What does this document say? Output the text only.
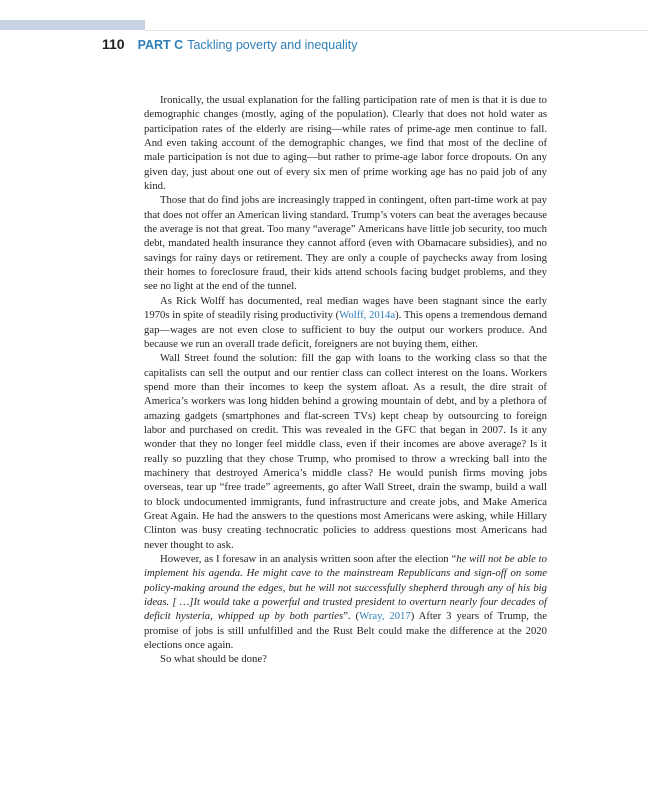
110 PART C Tackling poverty and inequality

Ironically, the usual explanation for the falling participation rate of men is that it is due to demographic changes (mostly, aging of the population). Clearly that does not hold water as participation rates of the elderly are rising—while rates of prime-age men continue to fall. And even taking account of the demographic changes, we find that most of the decline of male participation is not due to aging—but rather to prime-age labor force dropouts. On any given day, just about one out of every six men of prime working age has no paid job of any kind.

Those that do find jobs are increasingly trapped in contingent, often part-time work at pay that does not offer an American living standard. Trump’s voters can beat the averages because the average is not that great. Too many “average” Americans have little job security, too much debt, mandated health insurance they cannot afford (even with Obamacare subsidies), and no savings for rainy days or retirement. They are only a couple of paychecks away from losing their homes to foreclosure fraud, their kids attend schools facing budget problems, and they see no light at the end of the tunnel.

As Rick Wolff has documented, real median wages have been stagnant since the early 1970s in spite of steadily rising productivity (Wolff, 2014a). This opens a tremendous demand gap—wages are not even close to sufficient to buy the output our workers produce. And because we run an overall trade deficit, foreigners are not buying them, either.

Wall Street found the solution: fill the gap with loans to the working class so that the capitalists can sell the output and our rentier class can collect interest on the loans. Workers spend more than their incomes to keep the system afloat. As a result, the dire strait of America’s workers was long hidden behind a growing mountain of debt, and by a plethora of amazing gadgets (smartphones and flat-screen TVs) kept cheap by outsourcing to foreign labor and purchased on credit. This was revealed in the GFC that began in 2007. Is it any wonder that they no longer feel middle class, even if their incomes are above average? Is it really so puzzling that they chose Trump, who promised to throw a wrecking ball into the machinery that destroyed America’s middle class? He would punish firms moving jobs overseas, tear up “free trade” agreements, go after Wall Street, drain the swamp, build a wall to block undocumented immigrants, fund infrastructure and create jobs, and Make America Great Again. He had the answers to the questions most Americans were asking, while Hillary Clinton was busy creating technocratic policies to address questions most Americans had never thought to ask.

However, as I foresaw in an analysis written soon after the election “he will not be able to implement his agenda. He might cave to the mainstream Republicans and sign-off on some policy-making around the edges, but he will not successfully shepherd through any of his big ideas. [ …]It would take a powerful and trusted president to overturn nearly four decades of deficit hysteria, whipped up by both parties”. (Wray, 2017) After 3 years of Trump, the promise of jobs is still unfulfilled and the Rust Belt could make the difference at the 2020 elections once again.

So what should be done?
